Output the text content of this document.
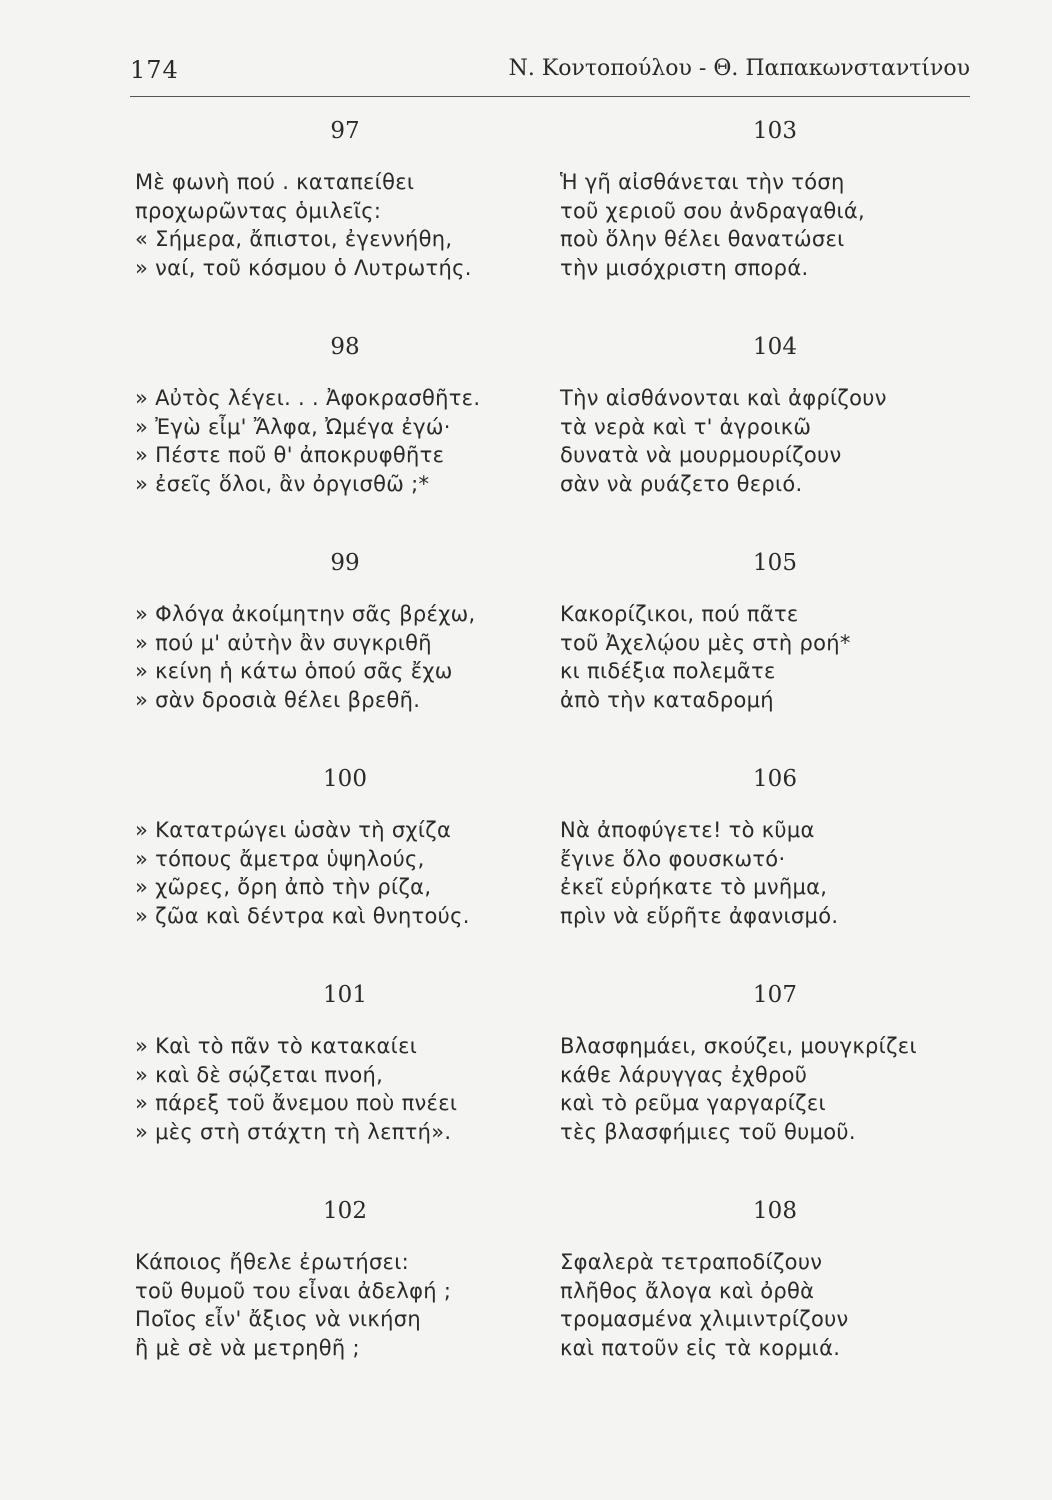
174	Ν. Κοντοπούλου - Θ. Παπακωνσταντίνου
97
Μὲ φωνὴ πού . καταπείθει
προχωρῶντας ὁμιλεῖς:
« Σήμερα, ἄπιστοι, ἐγεννήθη,
» ναί, τοῦ κόσμου ὁ Λυτρωτής.
98
» Αὐτὸς λέγει. . . Ἀφοκρασθῆτε.
» Ἐγὼ εἶμ' Ἄλφα, Ὠμέγα ἐγώ·
» Πέστε ποῦ θ' ἀποκρυφθῆτε
» ἐσεῖς ὅλοι, ἂν ὀργισθῶ ;*
99
» Φλόγα ἀκοίμητην σᾶς βρέχω,
» πού μ' αὐτὴν ἂν συγκριθῆ
» κείνη ἡ κάτω ὁπού σᾶς ἔχω
» σὰν δροσιὰ θέλει βρεθῆ.
100
» Κατατρώγει ὡσὰν τὴ σχίζα
» τόπους ἄμετρα ὑψηλούς,
» χῶρες, ὄρη ἀπὸ τὴν ρίζα,
» ζῶα καὶ δέντρα καὶ θνητούς.
101
» Καὶ τὸ πᾶν τὸ κατακαίει
» καὶ δὲ σῴζεται πνοή,
» πάρεξ τοῦ ἄνεμου ποὺ πνέει
» μὲς στὴ στάχτη τὴ λεπτή».
102
Κάποιος ἤθελε ἐρωτήσει:
τοῦ θυμοῦ του εἶναι ἀδελφή ;
Ποῖος εἶν' ἄξιος νὰ νικήση
ἢ μὲ σὲ νὰ μετρηθῆ ;
103
Ἡ γῆ αἰσθάνεται τὴν τόση
τοῦ χεριοῦ σου ἀνδραγαθιά,
ποὺ ὅλην θέλει θανατώσει
τὴν μισόχριστη σπορά.
104
Τὴν αἰσθάνονται καὶ ἀφρίζουν
τὰ νερὰ καὶ τ' ἀγροικῶ
δυνατὰ νὰ μουρμουρίζουν
σὰν νὰ ρυάζετο θεριό.
105
Κακορίζικοι, πού πᾶτε
τοῦ Ἀχελῴου μὲς στὴ ροή*
κι πιδέξια πολεμᾶτε
ἀπὸ τὴν καταδρομή
106
Νὰ ἀποφύγετε! τὸ κῦμα
ἔγινε ὅλο φουσκωτό·
ἐκεῖ εὑρήκατε τὸ μνῆμα,
πρὶν νὰ εὕρῆτε ἀφανισμό.
107
Βλασφημάει, σκούζει, μουγκρίζει
κάθε λάρυγγας ἐχθροῦ
καὶ τὸ ρεῦμα γαργαρίζει
τὲς βλασφήμιες τοῦ θυμοῦ.
108
Σφαλερὰ τετραποδίζουν
πλῆθος ἄλογα καὶ ὀρθὰ
τρομασμένα χλιμιντρίζουν
καὶ πατοῦν εἰς τὰ κορμιά.
